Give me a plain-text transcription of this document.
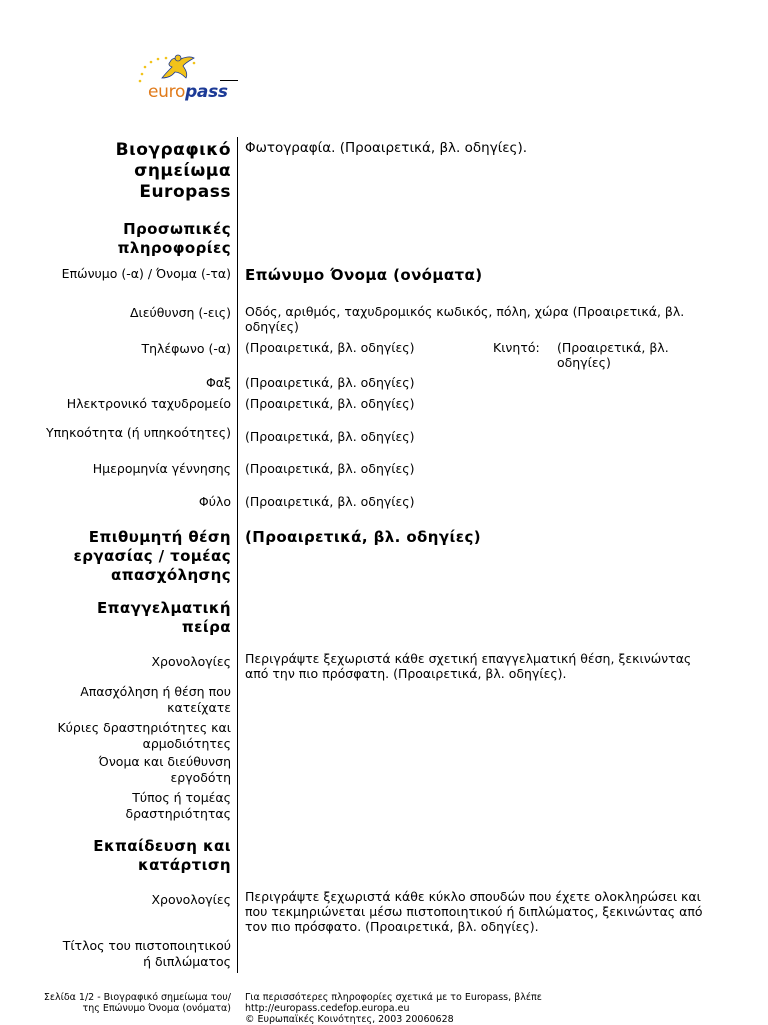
europass
Βιογραφικό σημείωμα Europass
Προσωπικές πληροφορίες
Επώνυμο (-α) / Όνομα (-τα)
Διεύθυνση (-εις)
Τηλέφωνο (-α)
Φαξ
Ηλεκτρονικό ταχυδρομείο
Υπηκοότητα (ή υπηκοότητες)
Ημερομηνία γέννησης
Φύλο
Επιθυμητή θέση εργασίας / τομέας απασχόλησης
Επαγγελματική πείρα
Χρονολογίες
Απασχόληση ή θέση που κατείχατε
Κύριες δραστηριότητες και αρμοδιότητες
Όνομα και διεύθυνση εργοδότη
Τύπος ή τομέας δραστηριότητας
Εκπαίδευση και κατάρτιση
Χρονολογίες
Τίτλος του πιστοποιητικού ή διπλώματος
Φωτογραφία. (Προαιρετικά, βλ. οδηγίες).
Επώνυμο Όνομα (ονόματα)
Οδός, αριθμός, ταχυδρομικός κωδικός, πόλη, χώρα (Προαιρετικά, βλ. οδηγίες)
(Προαιρετικά, βλ. οδηγίες)	Κινητό: (Προαιρετικά, βλ. οδηγίες)
(Προαιρετικά, βλ. οδηγίες)
(Προαιρετικά, βλ. οδηγίες)
(Προαιρετικά, βλ. οδηγίες)
(Προαιρετικά, βλ. οδηγίες)
(Προαιρετικά, βλ. οδηγίες)
(Προαιρετικά, βλ. οδηγίες)
Περιγράψτε ξεχωριστά κάθε σχετική επαγγελματική θέση, ξεκινώντας από την πιο πρόσφατη. (Προαιρετικά, βλ. οδηγίες).
Περιγράψτε ξεχωριστά κάθε κύκλο σπουδών που έχετε ολοκληρώσει και που τεκμηριώνεται μέσω πιστοποιητικού ή διπλώματος, ξεκινώντας από τον πιο πρόσφατο. (Προαιρετικά, βλ. οδηγίες).
Σελίδα 1/2 - Βιογραφικό σημείωμα του/της Επώνυμο Όνομα (ονόματα)
Για περισσότερες πληροφορίες σχετικά με το Europass, βλέπε
http://europass.cedefop.europa.eu
© Ευρωπαϊκές Κοινότητες, 2003 20060628
